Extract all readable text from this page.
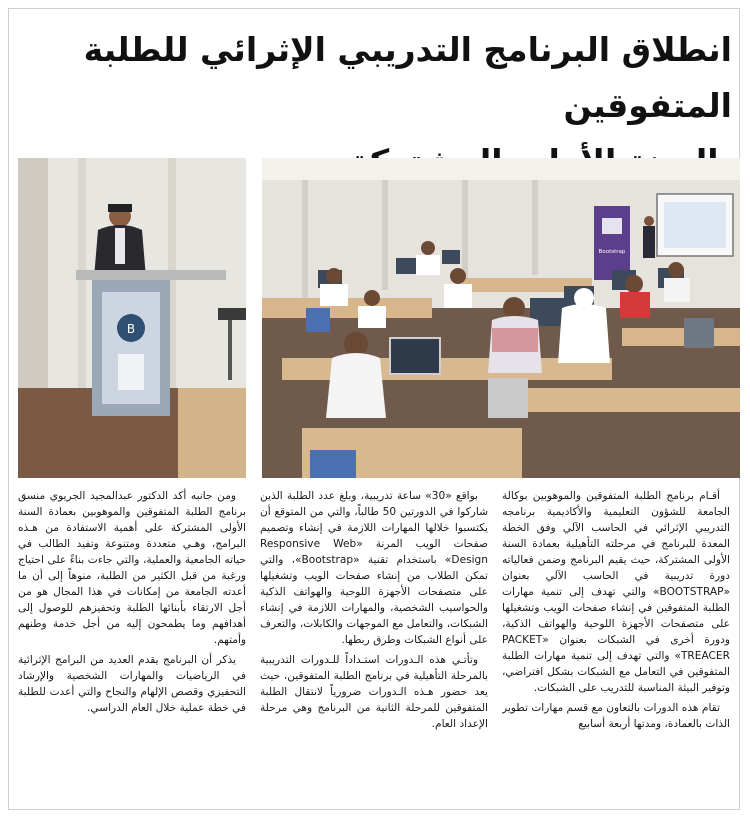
انطلاق البرنامج التدريبي الإثرائي للطلبة المتفوقين

B
Bootstrap

أقـام برنامج الطلبة المتفوقين والموهوبين بوكالة الجامعة للشؤون التعليمية والأكاديمية برنامجه التدريبي الإثرائي في الحاسب الآلي وفق الخطة المعدة للبرنامج في مرحلته التأهيلية بعمادة السنة الأولى المشتركة، حيث يقيم البرنامج وضمن فعالياته دورة تدريبية في الحاسب الآلي بعنوان «BOOTSTRAP» والتي تهدف إلى تنمية مهارات الطلبة المتفوقين في إنشاء صفحات الويب وتشغيلها على متصفحات الأجهزة اللوحية والهواتف الذكية، ودورة أخرى في الشبكات بعنوان «PACKET TREACER» والتي تهدف إلى تنمية مهارات الطلبة المتفوقين في التعامل مع الشبكات بشكل افتراضي، وتوفير البيئة المناسبة للتدريب على الشبكات.

تقام هذه الدورات بالتعاون مع قسم مهارات تطوير الذات بالعمادة، ومدتها أربعة أسابيع

بواقع «30» ساعة تدريبية، وبلغ عدد الطلبة الذين شاركوا في الدورتين 50 طالباً، والتي من المتوقع أن يكتسبوا خلالها المهارات اللازمة في إنشاء وتصميم صفحات الويب المرنة «Responsive Web Design» باستخدام تقنية «Bootstrap»، والتي تمكن الطلاب من إنشاء صفحات الويب وتشغيلها على متصفحات الأجهزة اللوحية والهواتف الذكية والحواسيب الشخصية، والمهارات اللازمة في إنشاء الشبكات، والتعامل مع الموجهات والكابلات، والتعرف على أنواع الشبكات وطرق ربطها.

وتأتـي هذه الـدورات استـداداً للـدورات التدريبية بالمرحلة التأهيلية في برنامج الطلبة المتفوقين، حيث يعد حضور هـذه الـدورات ضرورياً لانتقال الطلبة المتفوقين للمرحلة الثانية من البرنامج وهي مرحلة الإعداد العام.

ومن جانبه أكد الدكتور عبدالمجيد الجريوي منسق برنامج الطلبة المتفوقين والموهوبين بعمادة السنة الأولى المشتركة على أهمية الاستفادة من هـذه البرامج، وهـي متعددة ومتنوعة وتفيد الطالب في حياته الجامعية والعملية، والتي جاءت بناءً على احتياج ورغبة من قبل الكثير من الطلبة، منوهاً إلى أن ما أعدته الجامعة من إمكانات في هذا المجال هو من أجل الارتقاء بأبنائها الطلبة وتحفيزهم للوصول إلى أهدافهم وما يطمحون إليه من أجل خدمة وطنهم وأمتهم.

يذكر أن البرنامج يقدم العديد من البرامج الإثرائية في الرياضيات والمهارات الشخصية والإرشاد التحفيزي وقصص الإلهام والنجاح والتي أعدت للطلبة في خطة عملية خلال العام الدراسي.
